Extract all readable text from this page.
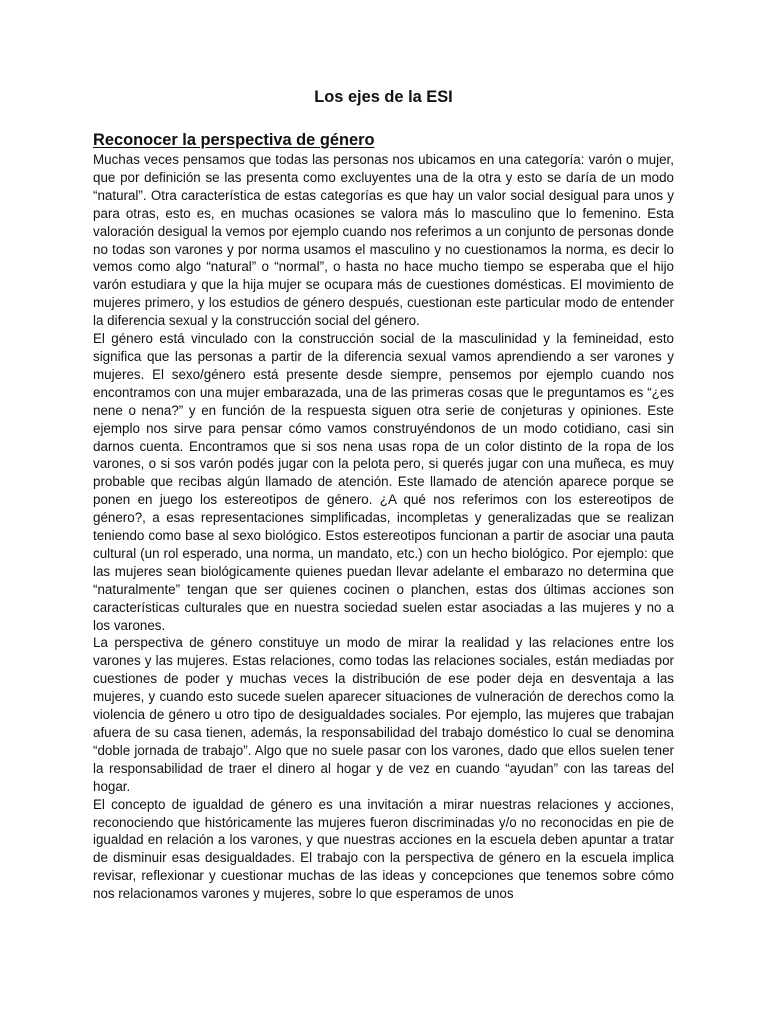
Los ejes de la ESI
Reconocer la perspectiva de género

Muchas veces pensamos que todas las personas nos ubicamos en una categoría: varón o mujer, que por definición se las presenta como excluyentes una de la otra y esto se daría de un modo “natural”. Otra característica de estas categorías es que hay un valor social desigual para unos y para otras, esto es, en muchas ocasiones se valora más lo masculino que lo femenino. Esta valoración desigual la vemos por ejemplo cuando nos referimos a un conjunto de personas donde no todas son varones y por norma usamos el masculino y no cuestionamos la norma, es decir lo vemos como algo “natural” o “normal”, o hasta no hace mucho tiempo se esperaba que el hijo varón estudiara y que la hija mujer se ocupara más de cuestiones domésticas. El movimiento de mujeres primero, y los estudios de género después, cuestionan este particular modo de entender la diferencia sexual y la construcción social del género.

El género está vinculado con la construcción social de la masculinidad y la femineidad, esto significa que las personas a partir de la diferencia sexual vamos aprendiendo a ser varones y mujeres. El sexo/género está presente desde siempre, pensemos por ejemplo cuando nos encontramos con una mujer embarazada, una de las primeras cosas que le preguntamos es “¿es nene o nena?” y en función de la respuesta siguen otra serie de conjeturas y opiniones. Este ejemplo nos sirve para pensar cómo vamos construyéndonos de un modo cotidiano, casi sin darnos cuenta. Encontramos que si sos nena usas ropa de un color distinto de la ropa de los varones, o si sos varón podés jugar con la pelota pero, si querés jugar con una muñeca, es muy probable que recibas algún llamado de atención. Este llamado de atención aparece porque se ponen en juego los estereotipos de género. ¿A qué nos referimos con los estereotipos de género?, a esas representaciones simplificadas, incompletas y generalizadas que se realizan teniendo como base al sexo biológico. Estos estereotipos funcionan a partir de asociar una pauta cultural (un rol esperado, una norma, un mandato, etc.) con un hecho biológico. Por ejemplo: que las mujeres sean biológicamente quienes puedan llevar adelante el embarazo no determina que “naturalmente” tengan que ser quienes cocinen o planchen, estas dos últimas acciones son características culturales que en nuestra sociedad suelen estar asociadas a las mujeres y no a los varones.

La perspectiva de género constituye un modo de mirar la realidad y las relaciones entre los varones y las mujeres. Estas relaciones, como todas las relaciones sociales, están mediadas por cuestiones de poder y muchas veces la distribución de ese poder deja en desventaja a las mujeres, y cuando esto sucede suelen aparecer situaciones de vulneración de derechos como la violencia de género u otro tipo de desigualdades sociales. Por ejemplo, las mujeres que trabajan afuera de su casa tienen, además, la responsabilidad del trabajo doméstico lo cual se denomina “doble jornada de trabajo”. Algo que no suele pasar con los varones, dado que ellos suelen tener la responsabilidad de traer el dinero al hogar y de vez en cuando “ayudan” con las tareas del hogar.

El concepto de igualdad de género es una invitación a mirar nuestras relaciones y acciones, reconociendo que históricamente las mujeres fueron discriminadas y/o no reconocidas en pie de igualdad en relación a los varones, y que nuestras acciones en la escuela deben apuntar a tratar de disminuir esas desigualdades. El trabajo con la perspectiva de género en la escuela implica revisar, reflexionar y cuestionar muchas de las ideas y concepciones que tenemos sobre cómo nos relacionamos varones y mujeres, sobre lo que esperamos de unos
